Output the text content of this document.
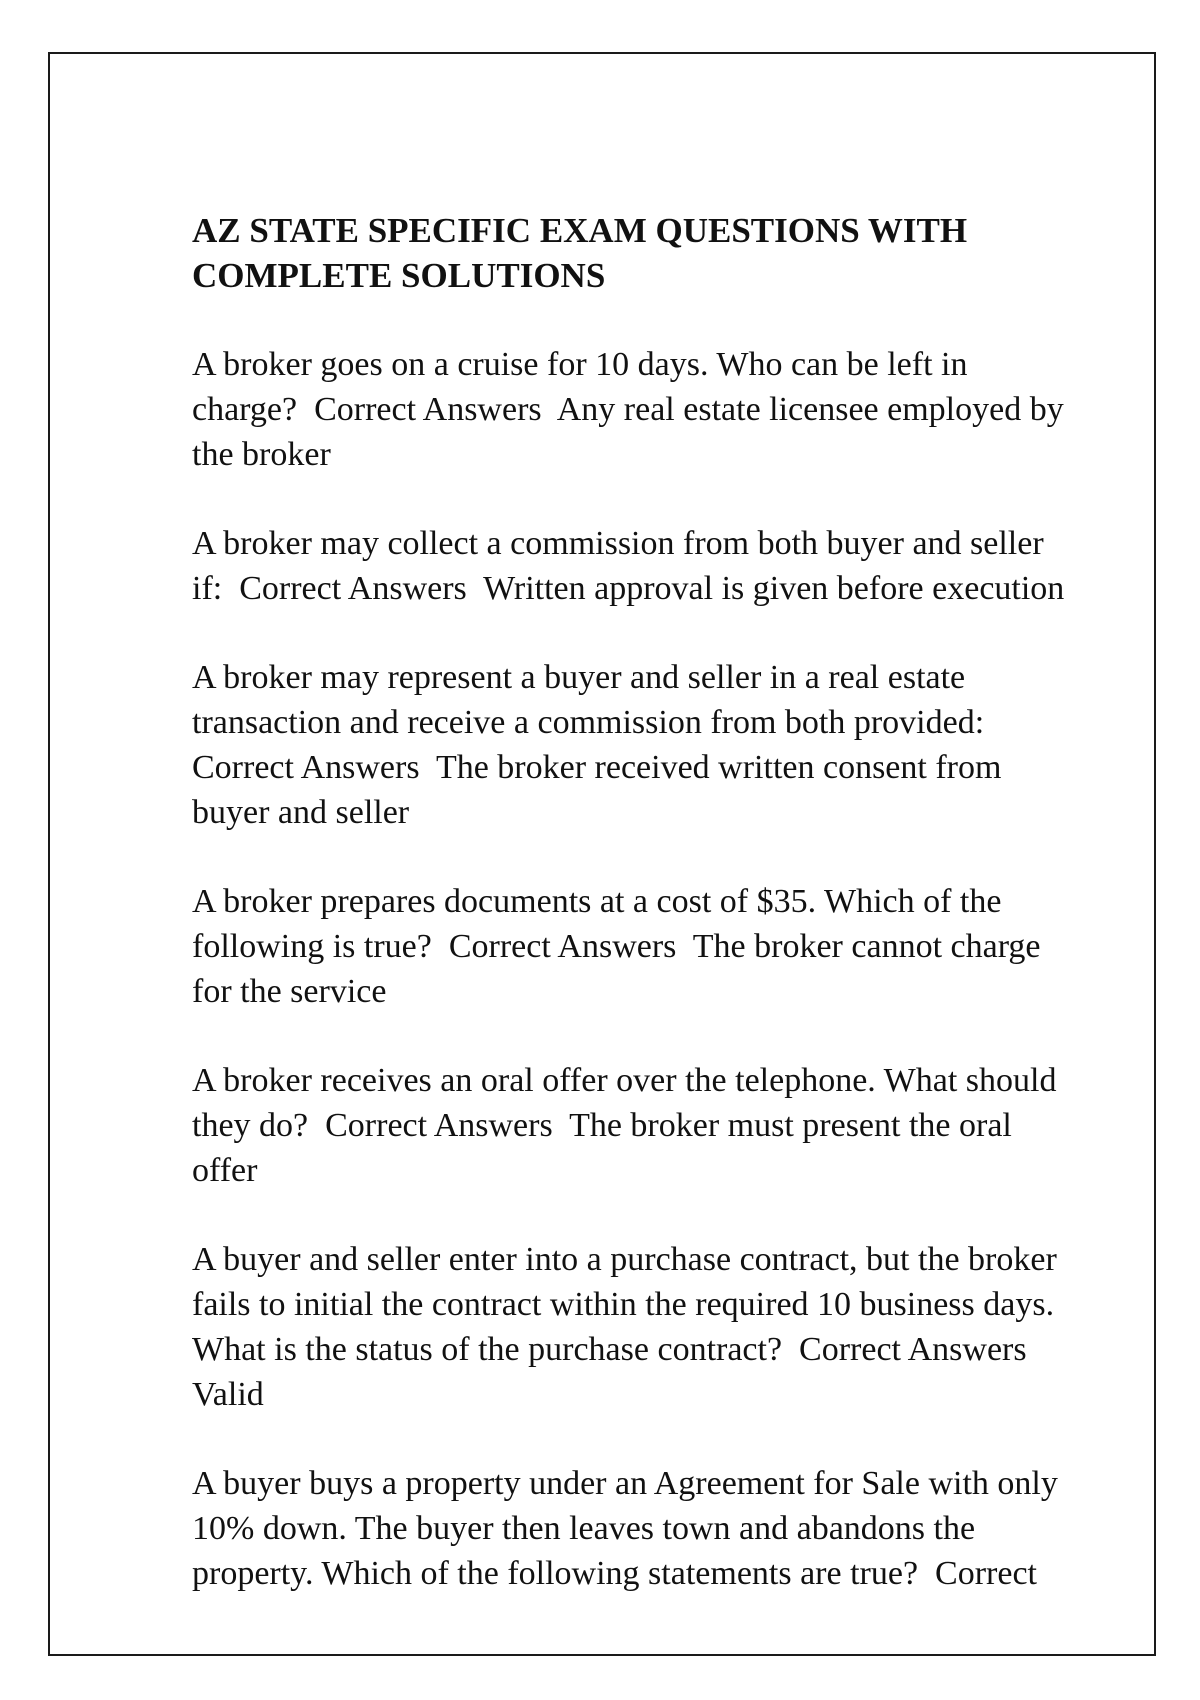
AZ STATE SPECIFIC EXAM QUESTIONS WITH
COMPLETE SOLUTIONS
A broker goes on a cruise for 10 days. Who can be left in
charge?  Correct Answers  Any real estate licensee employed by
the broker
A broker may collect a commission from both buyer and seller
if:  Correct Answers  Written approval is given before execution
A broker may represent a buyer and seller in a real estate
transaction and receive a commission from both provided:
Correct Answers  The broker received written consent from
buyer and seller
A broker prepares documents at a cost of $35. Which of the
following is true?  Correct Answers  The broker cannot charge
for the service
A broker receives an oral offer over the telephone. What should
they do?  Correct Answers  The broker must present the oral
offer
A buyer and seller enter into a purchase contract, but the broker
fails to initial the contract within the required 10 business days.
What is the status of the purchase contract?  Correct Answers
Valid
A buyer buys a property under an Agreement for Sale with only
10% down. The buyer then leaves town and abandons the
property. Which of the following statements are true?  Correct
